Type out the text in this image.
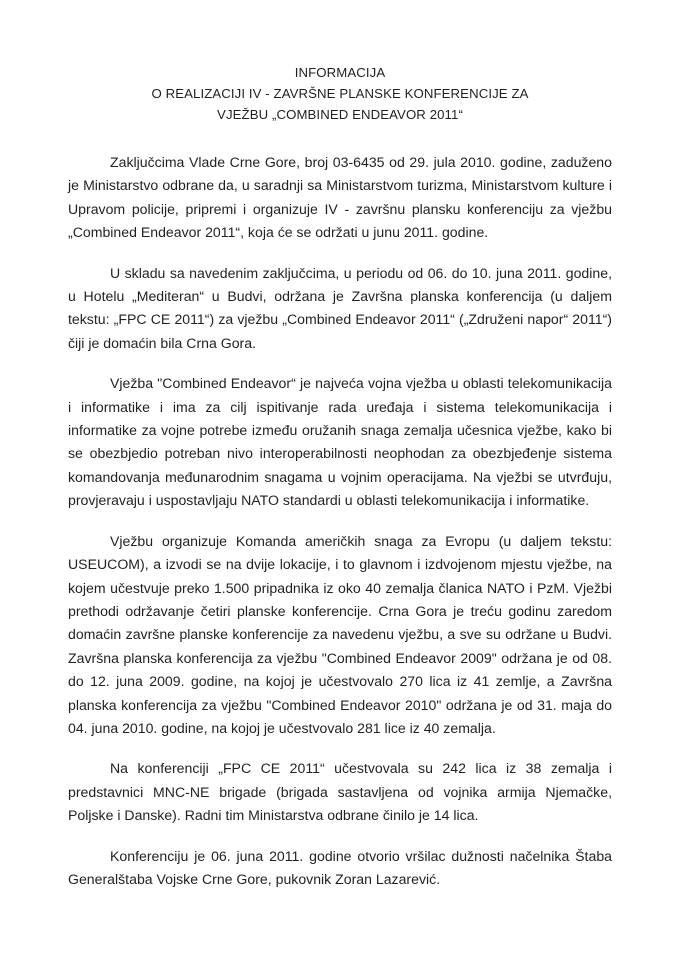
INFORMACIJA
O REALIZACIJI IV - ZAVRŠNE PLANSKE KONFERENCIJE ZA
VJEŽBU „COMBINED ENDEAVOR 2011“

Zaključcima Vlade Crne Gore, broj 03-6435 od 29. jula 2010. godine, zaduženo je Ministarstvo odbrane da, u saradnji sa Ministarstvom turizma, Ministarstvom kulture i Upravom policije, pripremi i organizuje IV - završnu plansku konferenciju za vježbu „Combined Endeavor 2011“, koja će se održati u junu 2011. godine.

U skladu sa navedenim zaključcima, u periodu od 06. do 10. juna 2011. godine, u Hotelu „Mediteran“ u Budvi, održana je Završna planska konferencija (u daljem tekstu: „FPC CE 2011“) za vježbu „Combined Endeavor 2011“ („Združeni napor“ 2011“) čiji je domaćin bila Crna Gora.

Vježba "Combined Endeavor“ je najveća vojna vježba u oblasti telekomunikacija i informatike i ima za cilj ispitivanje rada uređaja i sistema telekomunikacija i informatike za vojne potrebe između oružanih snaga zemalja učesnica vježbe, kako bi se obezbjedio potreban nivo interoperabilnosti neophodan za obezbjeđenje sistema komandovanja međunarodnim snagama u vojnim operacijama. Na vježbi se utvrđuju, provjeravaju i uspostavljaju NATO standardi u oblasti telekomunikacija i informatike.

Vježbu organizuje Komanda američkih snaga za Evropu (u daljem tekstu: USEUCOM), a izvodi se na dvije lokacije, i to glavnom i izdvojenom mjestu vježbe, na kojem učestvuje preko 1.500 pripadnika iz oko 40 zemalja članica NATO i PzM. Vježbi prethodi održavanje četiri planske konferencije. Crna Gora je treću godinu zaredom domaćin završne planske konferencije za navedenu vježbu, a sve su održane u Budvi. Završna planska konferencija za vježbu "Combined Endeavor 2009" održana je od 08. do 12. juna 2009. godine, na kojoj je učestvovalo 270 lica iz 41 zemlje, a Završna planska konferencija za vježbu "Combined Endeavor 2010" održana je od 31. maja do 04. juna 2010. godine, na kojoj je učestvovalo 281 lice iz 40 zemalja.

Na konferenciji „FPC CE 2011“ učestvovala su 242 lica iz 38 zemalja i predstavnici MNC-NE brigade (brigada sastavljena od vojnika armija Njemačke, Poljske i Danske). Radni tim Ministarstva odbrane činilo je 14 lica.

Konferenciju je 06. juna 2011. godine otvorio vršilac dužnosti načelnika Štaba Generalštaba Vojske Crne Gore, pukovnik Zoran Lazarević.
